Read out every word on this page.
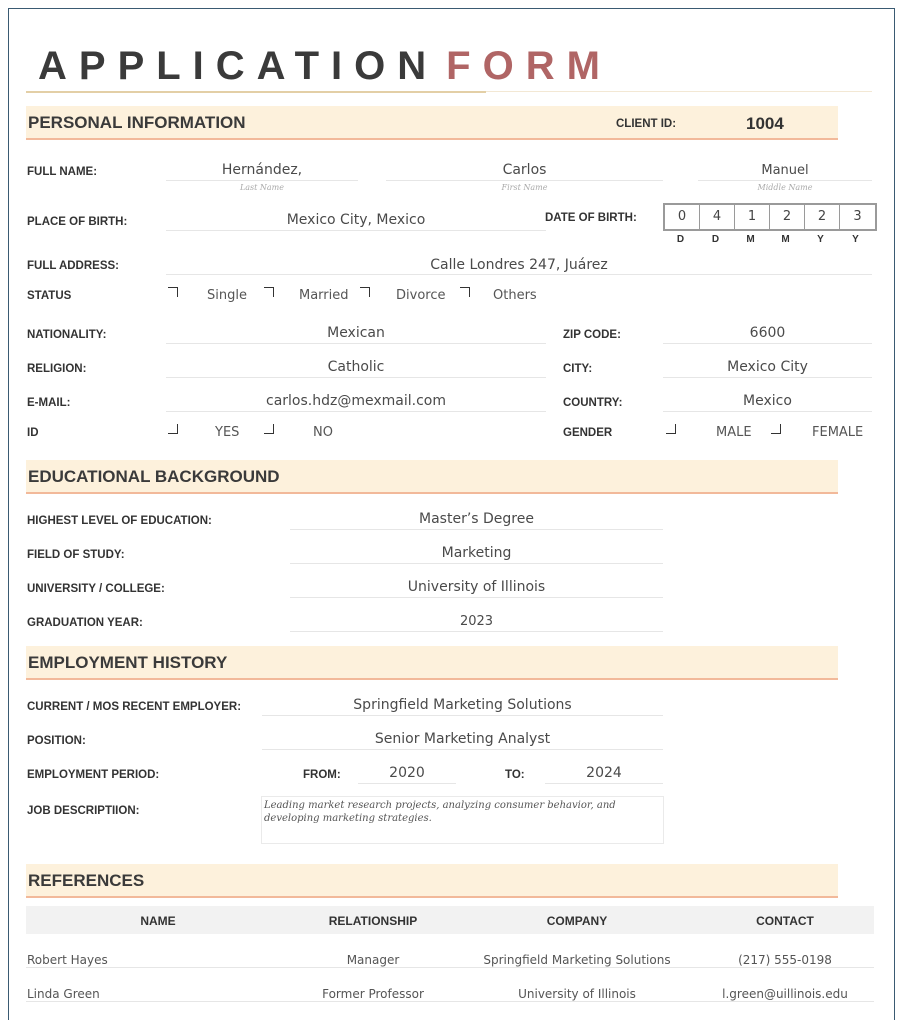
APPLICATION FORM
PERSONAL INFORMATION	CLIENT ID:	1004
FULL NAME:	Hernández,
Last Name
Carlos
First Name
Manuel
Middle Name
PLACE OF BIRTH:	Mexico City, Mexico	DATE OF BIRTH:	0	4	1	2	2	3
D	D	M	M	Y	Y
FULL ADDRESS:	Calle Londres 247, Juárez
STATUS	Single	Married	Divorce	Others
NATIONALITY:	Mexican	ZIP CODE:	6600
RELIGION:	Catholic	CITY:	Mexico City
E-MAIL:	carlos.hdz@mexmail.com	COUNTRY:	Mexico
ID	YES	NO	GENDER	MALE	FEMALE
EDUCATIONAL BACKGROUND
HIGHEST LEVEL OF EDUCATION:	Master’s Degree
FIELD OF STUDY:	Marketing
UNIVERSITY / COLLEGE:	University of Illinois
GRADUATION YEAR:	2023
EMPLOYMENT HISTORY
CURRENT / MOS RECENT EMPLOYER:	Springfield Marketing Solutions
POSITION:	Senior Marketing Analyst
EMPLOYMENT PERIOD:	FROM:	2020	TO:	2024
JOB DESCRIPTIION:	Leading market research projects, analyzing consumer behavior, and developing marketing strategies.
REFERENCES
NAME	RELATIONSHIP	COMPANY	CONTACT
Robert Hayes	Manager	Springfield Marketing Solutions	(217) 555-0198
Linda Green	Former Professor	University of Illinois	l.green@uillinois.edu
